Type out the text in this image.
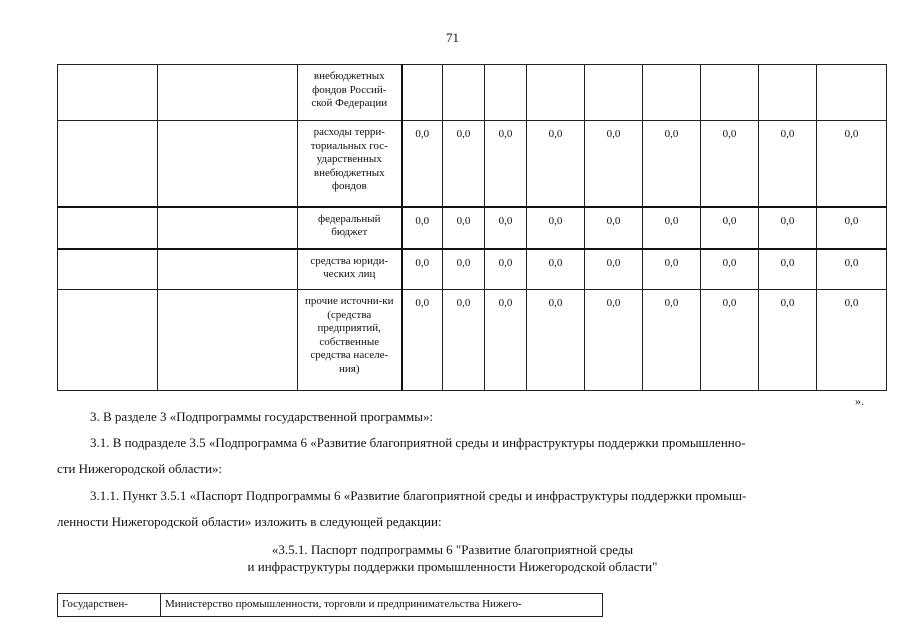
71
		внебюджетных фондов Россий-ской Федерации									
		расходы терри-ториальных гос-ударственных внебюджетных фондов	0,0	0,0	0,0	0,0	0,0	0,0	0,0	0,0	0,0
		федеральный бюджет	0,0	0,0	0,0	0,0	0,0	0,0	0,0	0,0	0,0
		средства юриди-ческих лиц	0,0	0,0	0,0	0,0	0,0	0,0	0,0	0,0	0,0
		прочие источни-ки (средства предприятий, собственные средства населе-ния)	0,0	0,0	0,0	0,0	0,0	0,0	0,0	0,0	0,0
».
3. В разделе 3 «Подпрограммы государственной программы»:
3.1. В подразделе 3.5 «Подпрограмма 6 «Развитие благоприятной среды и инфраструктуры поддержки промышленно-
сти Нижегородской области»:
3.1.1. Пункт 3.5.1 «Паспорт Подпрограммы 6 «Развитие благоприятной среды и инфраструктуры поддержки промыш-
ленности Нижегородской области» изложить в следующей редакции:
«3.5.1. Паспорт подпрограммы 6 "Развитие благоприятной среды
и инфраструктуры поддержки промышленности Нижегородской области"
Государствен-	Министерство промышленности, торговли и предпринимательства Нижего-
